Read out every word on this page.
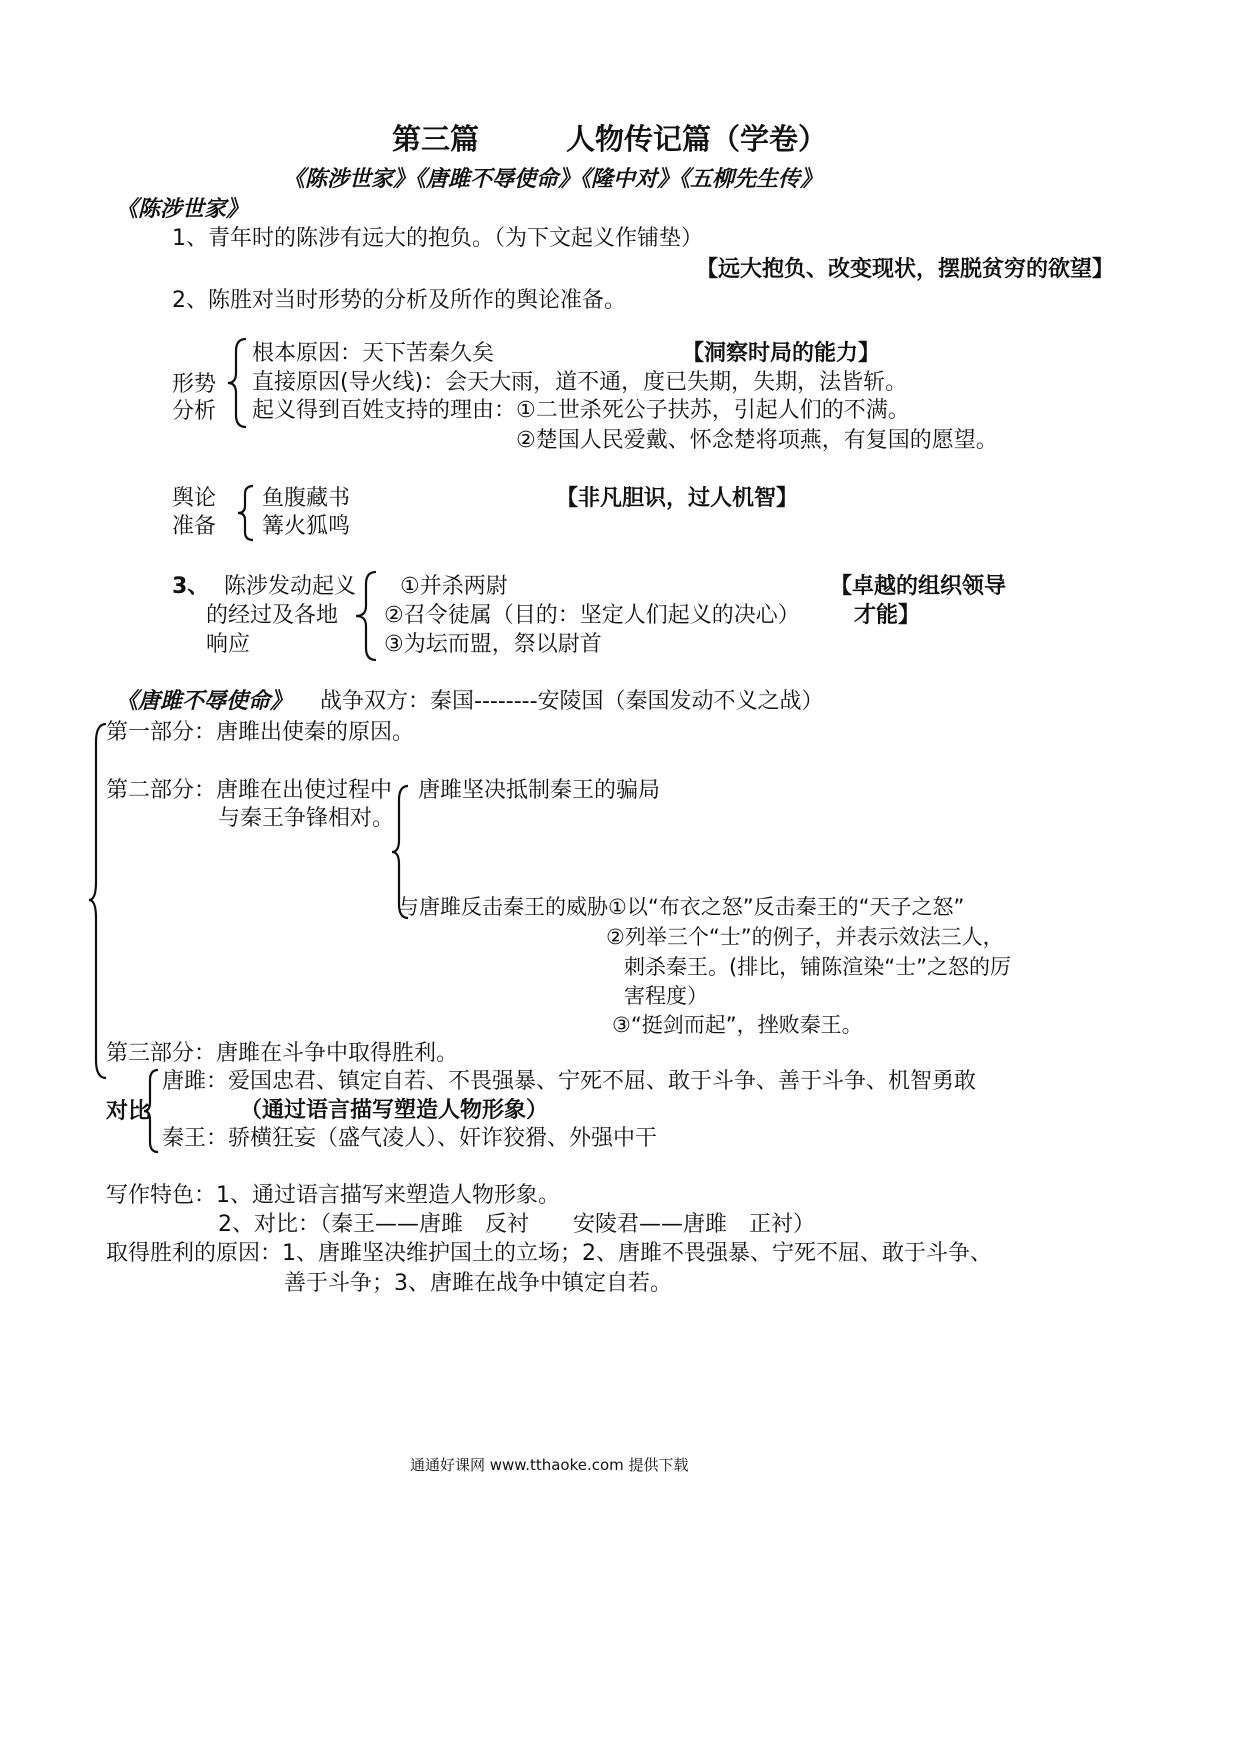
第三篇　　　人物传记篇（学卷）
《陈涉世家》《唐雎不辱使命》《隆中对》《五柳先生传》
《陈涉世家》
1、青年时的陈涉有远大的抱负。（为下文起义作铺垫）
【远大抱负、改变现状，摆脱贫穷的欲望】
2、陈胜对当时形势的分析及所作的舆论准备。
形势
分析
根本原因：天下苦秦久矣	【洞察时局的能力】
直接原因(导火线)：会天大雨，道不通，度已失期，失期，法皆斩。
起义得到百姓支持的理由：①二世杀死公子扶苏，引起人们的不满。
②楚国人民爱戴、怀念楚将项燕，有复国的愿望。
舆论
准备
鱼腹藏书
篝火狐鸣
【非凡胆识，过人机智】
3、 陈涉发动起义
的经过及各地
响应
①并杀两尉
②召令徒属（目的：坚定人们起义的决心）
③为坛而盟，祭以尉首
【卓越的组织领导
才能】
《唐雎不辱使命》 战争双方：秦国--------安陵国（秦国发动不义之战）
第一部分：唐雎出使秦的原因。
第二部分：唐雎在出使过程中
与秦王争锋相对。
唐雎坚决抵制秦王的骗局
与唐雎反击秦王的威胁①以“布衣之怒”反击秦王的“天子之怒”
②列举三个“士”的例子，并表示效法三人，
刺杀秦王。(排比，铺陈渲染“士”之怒的厉
害程度）
③“挺剑而起”，挫败秦王。
第三部分：唐雎在斗争中取得胜利。
对比
唐雎：爱国忠君、镇定自若、不畏强暴、宁死不屈、敢于斗争、善于斗争、机智勇敢
（通过语言描写塑造人物形象）
秦王：骄横狂妄（盛气凌人）、奸诈狡猾、外强中干
写作特色：1、通过语言描写来塑造人物形象。
2、对比：（秦王——唐雎　反衬　　安陵君——唐雎　正衬）
取得胜利的原因：1、唐雎坚决维护国土的立场；2、唐雎不畏强暴、宁死不屈、敢于斗争、
善于斗争；3、唐雎在战争中镇定自若。
通通好课网 www.tthaoke.com 提供下载
